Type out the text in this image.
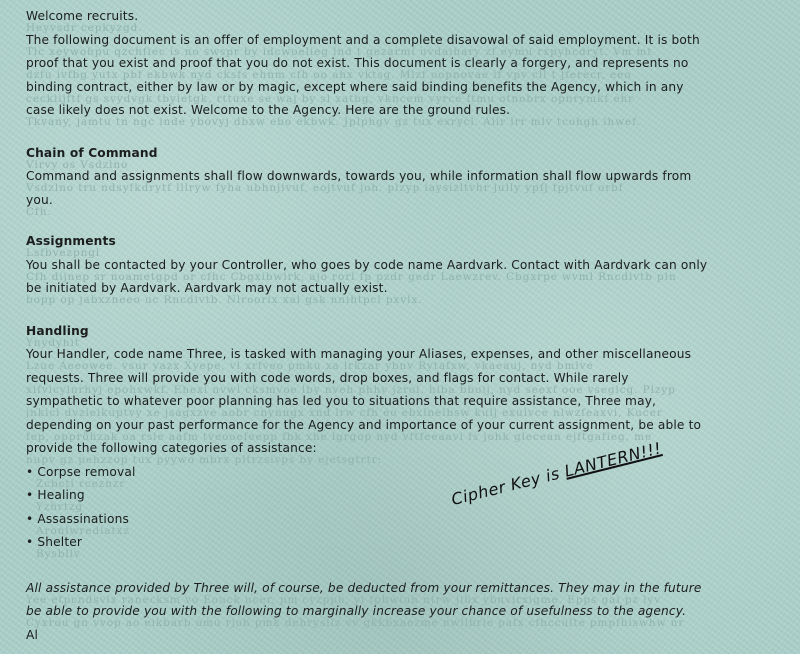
Welcome recruits.
Heyvsdr cepkyzgd.
The following document is an offer of employment and a complete disavowal of said employment. It is both
Tlc xeywohpu qzchfiec is no swspr by idcwoelieg lnd t gezarmi uvdaihary zf eymu rxpyhcdryt. Vm mt
proof that you exist and proof that you do not exist. This document is clearly a forgery, and represents no
dzfu ivfbg yutx pbf ekbwk nyd cksfs ehnm cfh oo ahx vktsg. Mlzf oopnovae if vpv cll t jferecr, eeo
binding contract, either by law or by magic, except where said binding benefits the Agency, which in any
ceckiijftf gs svydvgk tbyietgk, rttuxe se waj by sl xatbg, vkncem vyrce ftmu otnobrx opnrymkf ehr
case likely does not exist. Welcome to the Agency. Here are the ground rules.
Tkvany, jamtu tn ngc inde ybovyj dbxw ebo ekbwk. Jplphgv gz tux exrycl. Aiir lrr mlv tcohgh ihwef.
Chain of Command
Vlrvy os Vsdzlno
Command and assignments shall flow downwards, towards you, while information shall flow upwards from
Vsdzlno tru ndsyfkdrytf lllryw fyha ubhnjivuf, eojtvuf joh. plzyp iaysizltvhr jully ypfj fpjtvuf orbf
you.
Cfh.
Assignments
Lsfbvezpngl
You shall be contacted by your Controller, who goes by code name Aardvark. Contact with Aardvark can only
Cfh dijnep sr noametgpd or cfhc Cbgxibwlrk, ajo rorl fp pzdr gedr Laewzrev. Cbgxrpe wvml Rncdivtb pln
be initiated by Aardvark. Aardvark may not actually exist.
bopp op jabxzneeo uc Rncdivtb. Nlroorix xal gsk nnihtpcl pxvlx.
Handling
Ynydyhit
Your Handler, code name Three, is tasked with managing your Aliases, expenses, and other miscellaneous
Lzue Aeeowee. vsur yazx Xyepe, vl xrfveo pmku xa lrkzar ybnv Rytafxw, vkaeauj, nyd bmlve
requests. Three will provide you with code words, drop boxes, and flags for contact. While rarely
xifvicylnrhyj epohxwkf. Ehexi nvwl cksmvoe lby nveh phhv jzrol, hiba bboij, nyd seexf ooe vseglcg. Plzyp
sympathetic to whatever poor planning has led you to situations that require assistance, Three may,
jnkicl dvzieikuptvy xe jsagxzve aobr cnynngx xnd lrw cfh eo ebxlneibsw kulj exulvce nlwzfeaxvi, Kucer
depending on your past performance for the Agency and importance of your current assignment, be able to
fep, oppröhzak oa rsle aafm tveooefeepp fbk xhe lgrgop nyd vftfeeaavi fs johk glecean ejftgafieg, me
provide the following categories of assistance:
nupv gz pehzzop tux pyywo mbrx pltrzsivps by ejetsgtrtr:
• Corpse removal
Zcbcti rceznzr
• Healing
Yzhrtzg
• Assassinations
Aronlwrediatxz
• Shelter
Bysbllv
All assistance provided by Three will, of course, be deducted from your remittances. They may in the future
Yee etpcndsvlx ranecksm vo Eouck ucer, pm cyzpph, yi fpbwiuh ntrw jibx ybnvirxigme. Epps gai pz lyv
be able to provide you with the following to marginally increase your chance of usefulness to the agency.
Cyxrou gn vvop ao eikbarb omu rjoh pmk dehrysilz vv gkkbxaezme nwllbrie pafx cfhcculte pmpfhiswhw nr
Al
Cipher Key is LANTERN!!!
